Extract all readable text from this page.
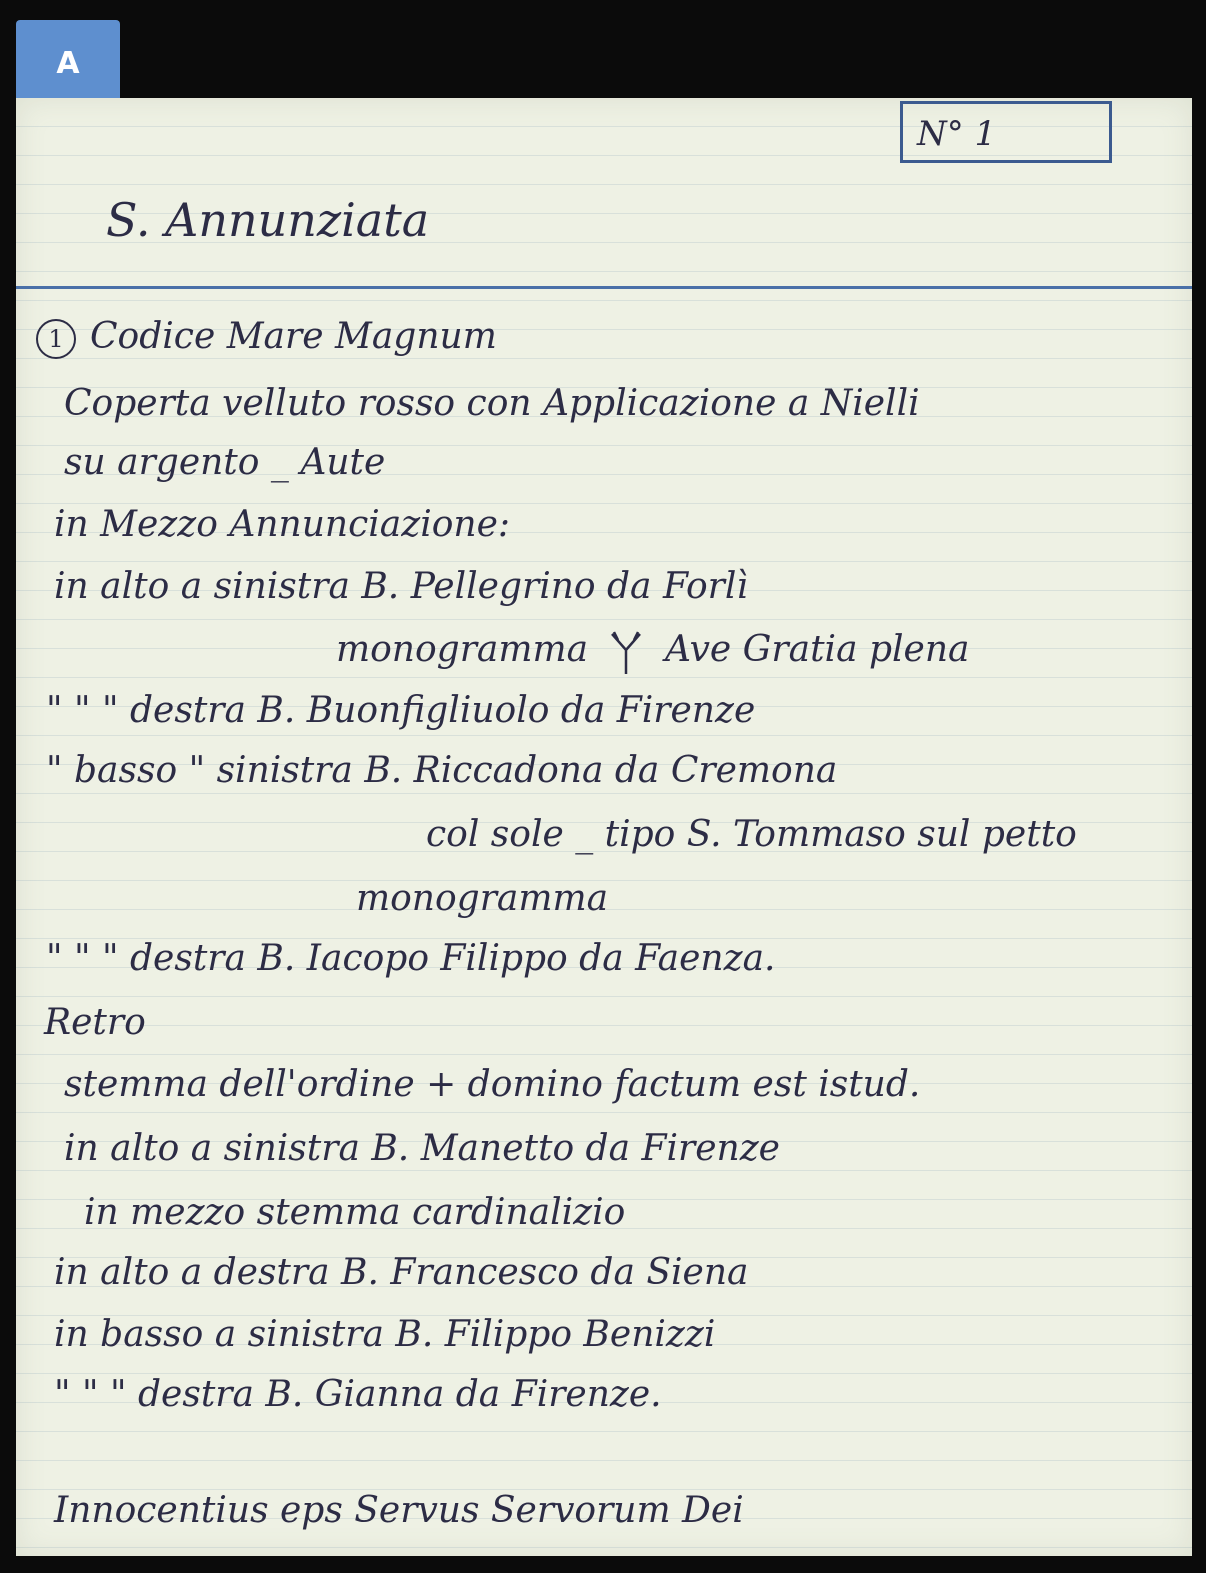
A
N° 1
S. Annunziata
1 Codice Mare Magnum
Coperta velluto rosso con Applicazione a Nielli
su argento _ Aute
in Mezzo Annunciazione:
in alto a sinistra B. Pellegrino da Forlì
monogramma Ave Gratia plena
" " " destra B. Buonfigliuolo da Firenze
" basso " sinistra B. Riccadona da Cremona
col sole _ tipo S. Tommaso sul petto
monogramma
" " " destra B. Iacopo Filippo da Faenza.
Retro
stemma dell'ordine + domino factum est istud.
in alto a sinistra B. Manetto da Firenze
in mezzo stemma cardinalizio
in alto a destra B. Francesco da Siena
in basso a sinistra B. Filippo Benizzi
" " " destra B. Gianna da Firenze.
Innocentius eps Servus Servorum Dei
